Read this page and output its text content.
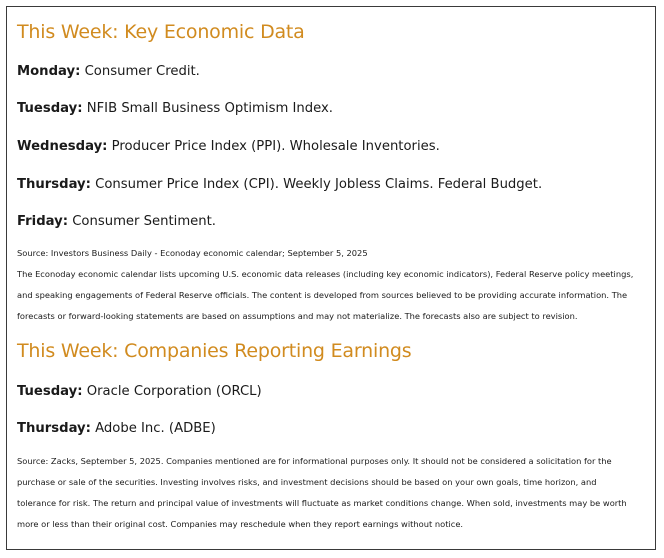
This Week: Key Economic Data

Monday: Consumer Credit.

Tuesday: NFIB Small Business Optimism Index.

Wednesday: Producer Price Index (PPI). Wholesale Inventories.

Thursday: Consumer Price Index (CPI). Weekly Jobless Claims. Federal Budget.

Friday: Consumer Sentiment.

Source: Investors Business Daily - Econoday economic calendar; September 5, 2025
The Econoday economic calendar lists upcoming U.S. economic data releases (including key economic indicators), Federal Reserve policy meetings,
and speaking engagements of Federal Reserve officials. The content is developed from sources believed to be providing accurate information. The
forecasts or forward-looking statements are based on assumptions and may not materialize. The forecasts also are subject to revision.
This Week: Companies Reporting Earnings

Tuesday: Oracle Corporation (ORCL)

Thursday: Adobe Inc. (ADBE)

Source: Zacks, September 5, 2025. Companies mentioned are for informational purposes only. It should not be considered a solicitation for the
purchase or sale of the securities. Investing involves risks, and investment decisions should be based on your own goals, time horizon, and
tolerance for risk. The return and principal value of investments will fluctuate as market conditions change. When sold, investments may be worth
more or less than their original cost. Companies may reschedule when they report earnings without notice.
